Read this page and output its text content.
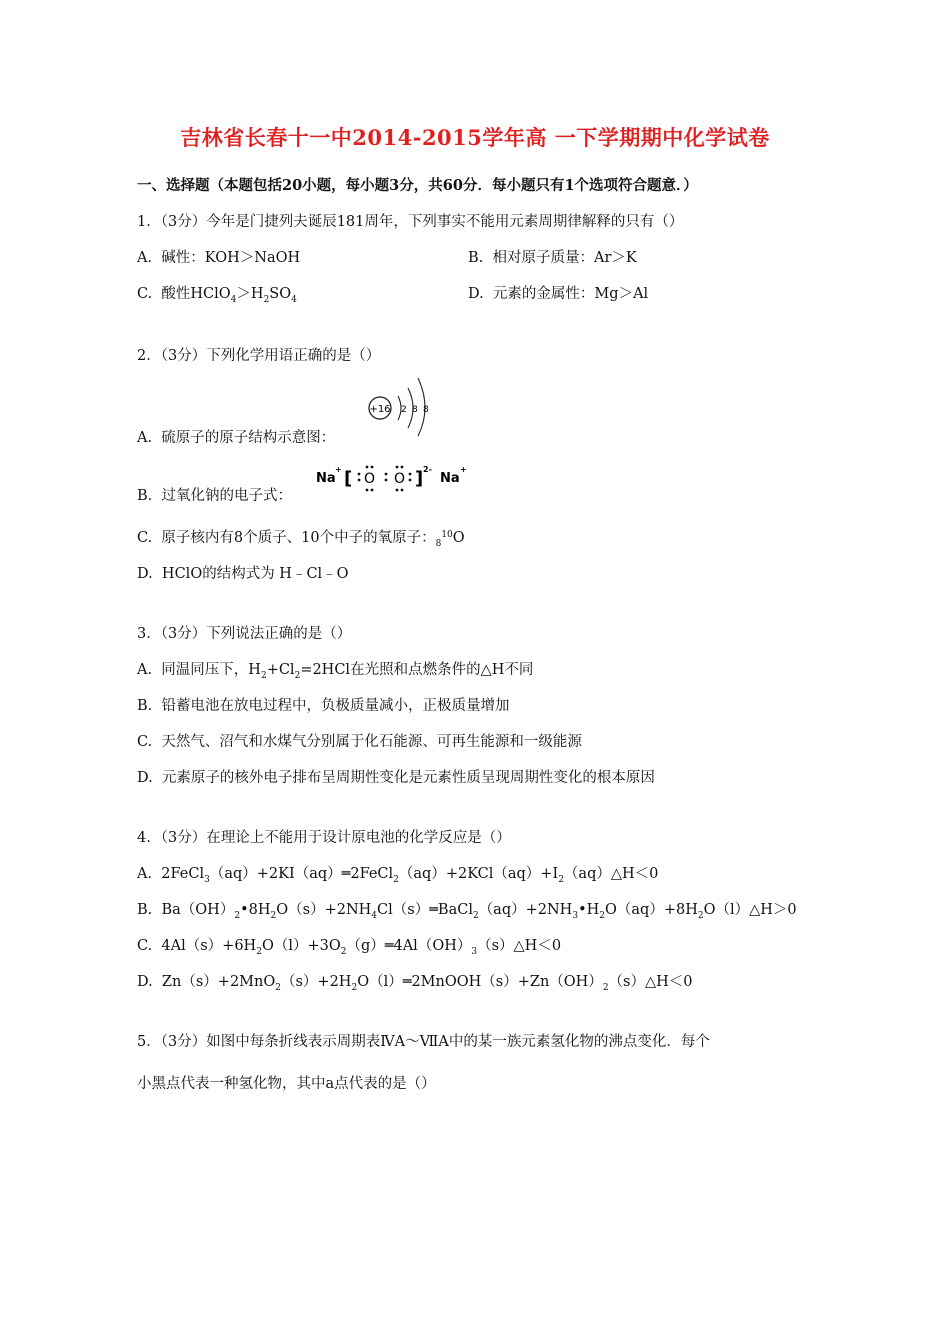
吉林省长春十一中2014-2015学年高 一下学期期中化学试卷
一、选择题（本题包括20小题，每小题3分，共60分．每小题只有1个选项符合题意．）
1．（3分）今年是门捷列夫诞辰181周年，下列事实不能用元素周期律解释的只有（）
A.  碱性：KOH＞NaOH	B.  相对原子质量：Ar＞K
C.  酸性$HClO_4>H_2SO_4$	D.  元素的金属性：Mg＞Al
2．（3分）下列化学用语正确的是（）
+16 2 8 8
A.  硫原子的原子结构示意图：
Na
+ [ O O ] 2-
Na
+
B.  过氧化钠的电子式：
C.  原子核内有8个质子、10个中子的氧原子：$_8^{10}$O
D.  HClO的结构式为 H﹣Cl﹣O
3．（3分）下列说法正确的是（）
A.  同温同压下，$H_2+Cl_2=2HCl$在光照和点燃条件的△H不同
B.  铅蓄电池在放电过程中，负极质量减小，正极质量增加
C.  天然气、沼气和水煤气分别属于化石能源、可再生能源和一级能源
D.  元素原子的核外电子排布呈周期性变化是元素性质呈现周期性变化的根本原因
4．（3分）在理论上不能用于设计原电池的化学反应是（）
A.  $2FeCl_3(aq)+2KI(aq)═2FeCl_2(aq)+2KCl(aq)+I_2(aq)\triangle H<0$
B.  $Ba(OH)_2•8H_2O(s)+2NH_4Cl(s)═BaCl_2(aq)+2NH_3•H_2O(aq)+8H_2O(l)\triangle H>0$
C.  $4Al(s)+6H_2O(l)+3O_2(g)═4Al(OH)_3(s)\triangle H<0$
D.  $Zn(s)+2MnO_2(s)+2H_2O(l)═2MnOOH(s)+Zn(OH)_2(s)\triangle H<0$
5．（3分）如图中每条折线表示周期表ⅣA～ⅦA中的某一族元素氢化物的沸点变化．每个
小黑点代表一种氢化物，其中a点代表的是（）
